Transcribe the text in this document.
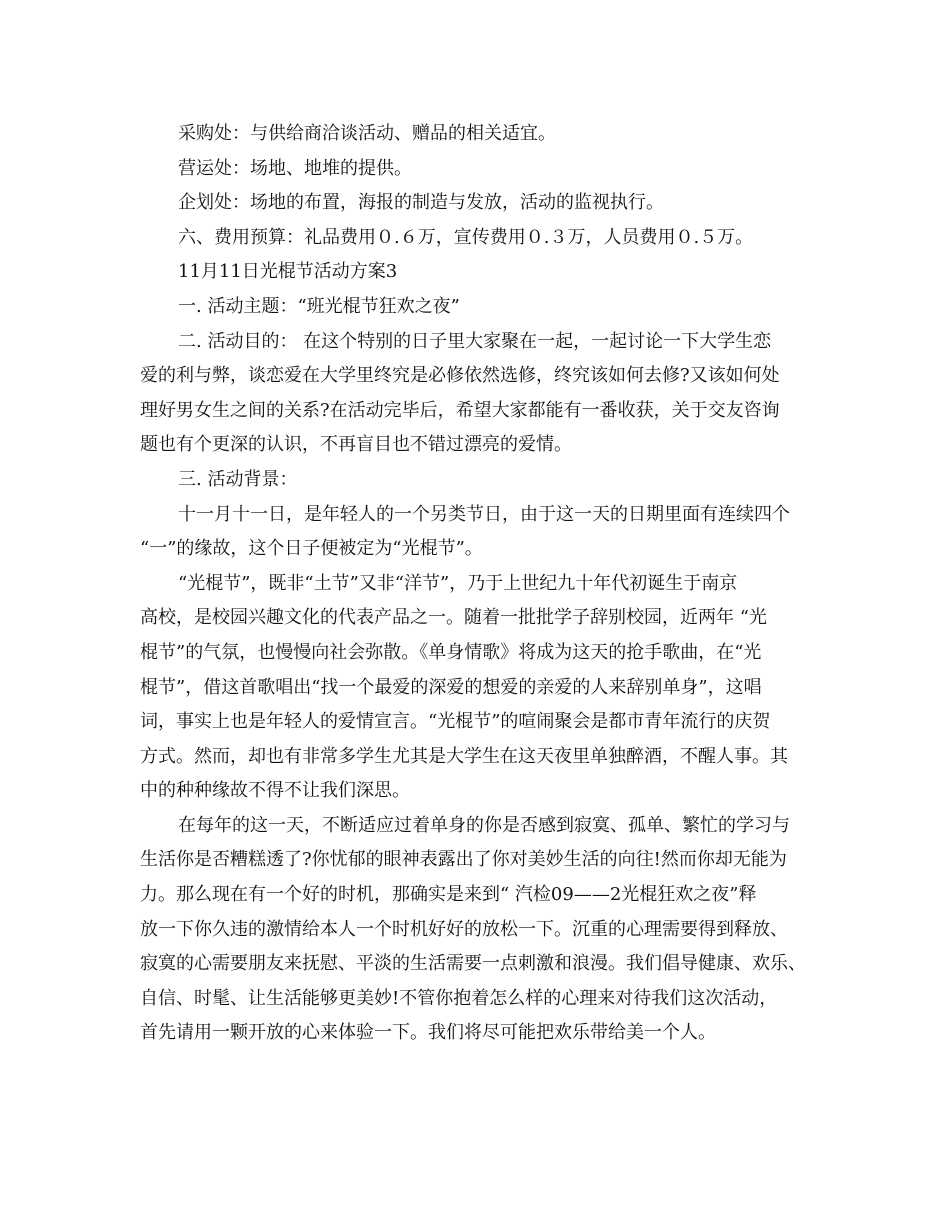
采购处：与供给商洽谈活动、赠品的相关适宜。
营运处：场地、地堆的提供。
企划处：场地的布置，海报的制造与发放，活动的监视执行。
六、费用预算：礼品费用０.６万，宣传费用０.３万，人员费用０.５万。
11月11日光棍节活动方案3
一. 活动主题：“班光棍节狂欢之夜”
二. 活动目的： 在这个特别的日子里大家聚在一起，一起讨论一下大学生恋
爱的利与弊，谈恋爱在大学里终究是必修依然选修，终究该如何去修?又该如何处
理好男女生之间的关系?在活动完毕后，希望大家都能有一番收获，关于交友咨询
题也有个更深的认识，不再盲目也不错过漂亮的爱情。
三. 活动背景：
十一月十一日，是年轻人的一个另类节日，由于这一天的日期里面有连续四个
“一”的缘故，这个日子便被定为“光棍节”。
“光棍节”，既非“土节”又非“洋节”，乃于上世纪九十年代初诞生于南京
高校，是校园兴趣文化的代表产品之一。随着一批批学子辞别校园，近两年 “光
棍节”的气氛，也慢慢向社会弥散。《单身情歌》将成为这天的抢手歌曲，在“光
棍节”，借这首歌唱出“找一个最爱的深爱的想爱的亲爱的人来辞别单身”，这唱
词，事实上也是年轻人的爱情宣言。“光棍节”的喧闹聚会是都市青年流行的庆贺
方式。然而，却也有非常多学生尤其是大学生在这天夜里单独醉酒，不醒人事。其
中的种种缘故不得不让我们深思。
在每年的这一天，不断适应过着单身的你是否感到寂寞、孤单、繁忙的学习与
生活你是否糟糕透了?你忧郁的眼神表露出了你对美妙生活的向往!然而你却无能为
力。那么现在有一个好的时机，那确实是来到“ 汽检09——2光棍狂欢之夜”释
放一下你久违的激情给本人一个时机好好的放松一下。沉重的心理需要得到释放、
寂寞的心需要朋友来抚慰、平淡的生活需要一点刺激和浪漫。我们倡导健康、欢乐、
自信、时髦、让生活能够更美妙!不管你抱着怎么样的心理来对待我们这次活动，
首先请用一颗开放的心来体验一下。我们将尽可能把欢乐带给美一个人。
